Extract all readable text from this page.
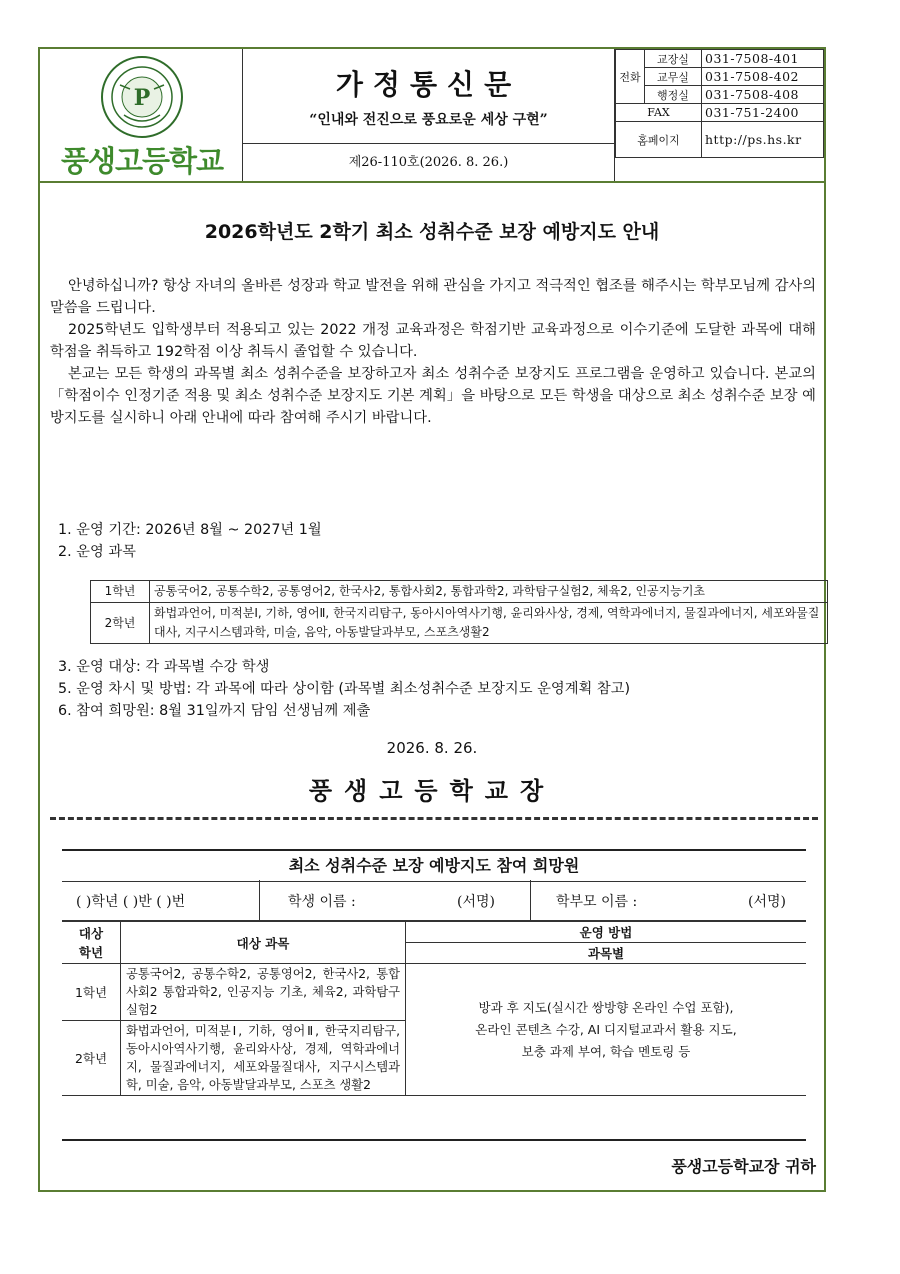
P
풍생고등학교
가정통신문
“인내와 전진으로 풍요로운 세상 구현”
제26-110호(2026. 8. 26.)
전화	교장실	031-7508-401
	교무실	031-7508-402
	행정실	031-7508-408
FAX		031-751-2400
홈페이지		http://ps.hs.kr
2026학년도 2학기 최소 성취수준 보장 예방지도 안내

안녕하십니까? 항상 자녀의 올바른 성장과 학교 발전을 위해 관심을 가지고 적극적인 협조를 해주시는 학부모님께 감사의 말씀을 드립니다.

2025학년도 입학생부터 적용되고 있는 2022 개정 교육과정은 학점기반 교육과정으로 이수기준에 도달한 과목에 대해 학점을 취득하고 192학점 이상 취득시 졸업할 수 있습니다.

본교는 모든 학생의 과목별 최소 성취수준을 보장하고자 최소 성취수준 보장지도 프로그램을 운영하고 있습니다. 본교의 「학점이수 인정기준 적용 및 최소 성취수준 보장지도 기본 계획」을 바탕으로 모든 학생을 대상으로 최소 성취수준 보장 예방지도를 실시하니 아래 안내에 따라 참여해 주시기 바랍니다.

1. 운영 기간: 2026년 8월 ~ 2027년 1월
2. 운영 과목
1학년	공통국어2, 공통수학2, 공통영어2, 한국사2, 통합사회2, 통합과학2, 과학탐구실험2, 체육2, 인공지능기초
2학년	화법과언어, 미적분Ⅰ, 기하, 영어Ⅱ, 한국지리탐구, 동아시아역사기행, 윤리와사상, 경제, 역학과에너지, 물질과에너지, 세포와물질대사, 지구시스템과학, 미술, 음악, 아동발달과부모, 스포츠생활2
3. 운영 대상: 각 과목별 수강 학생
5. 운영 차시 및 방법: 각 과목에 따라 상이함 (과목별 최소성취수준 보장지도 운영계획 참고)
6. 참여 희망원: 8월 31일까지 담임 선생님께 제출
2026. 8. 26.
풍생고등학교장
최소 성취수준 보장 예방지도 참여 희망원
( )학년 ( )반 ( )번	학생 이름 :	(서명)	학부모 이름 :	(서명)
대상
학년	대상 과목	운영 방법
		과목별
1학년	공통국어2, 공통수학2, 공통영어2, 한국사2, 통합사회2 통합과학2, 인공지능 기초, 체육2, 과학탐구실험2	방과 후 지도(실시간 쌍방향 온라인 수업 포함),
온라인 콘텐츠 수강, AI 디지털교과서 활용 지도,
보충 과제 부여, 학습 멘토링 등

2학년	화법과언어, 미적분Ⅰ, 기하, 영어Ⅱ, 한국지리탐구, 동아시아역사기행, 윤리와사상, 경제, 역학과에너지, 물질과에너지, 세포와물질대사, 지구시스템과학, 미술, 음악, 아동발달과부모, 스포츠 생활2	
풍생고등학교장 귀하
